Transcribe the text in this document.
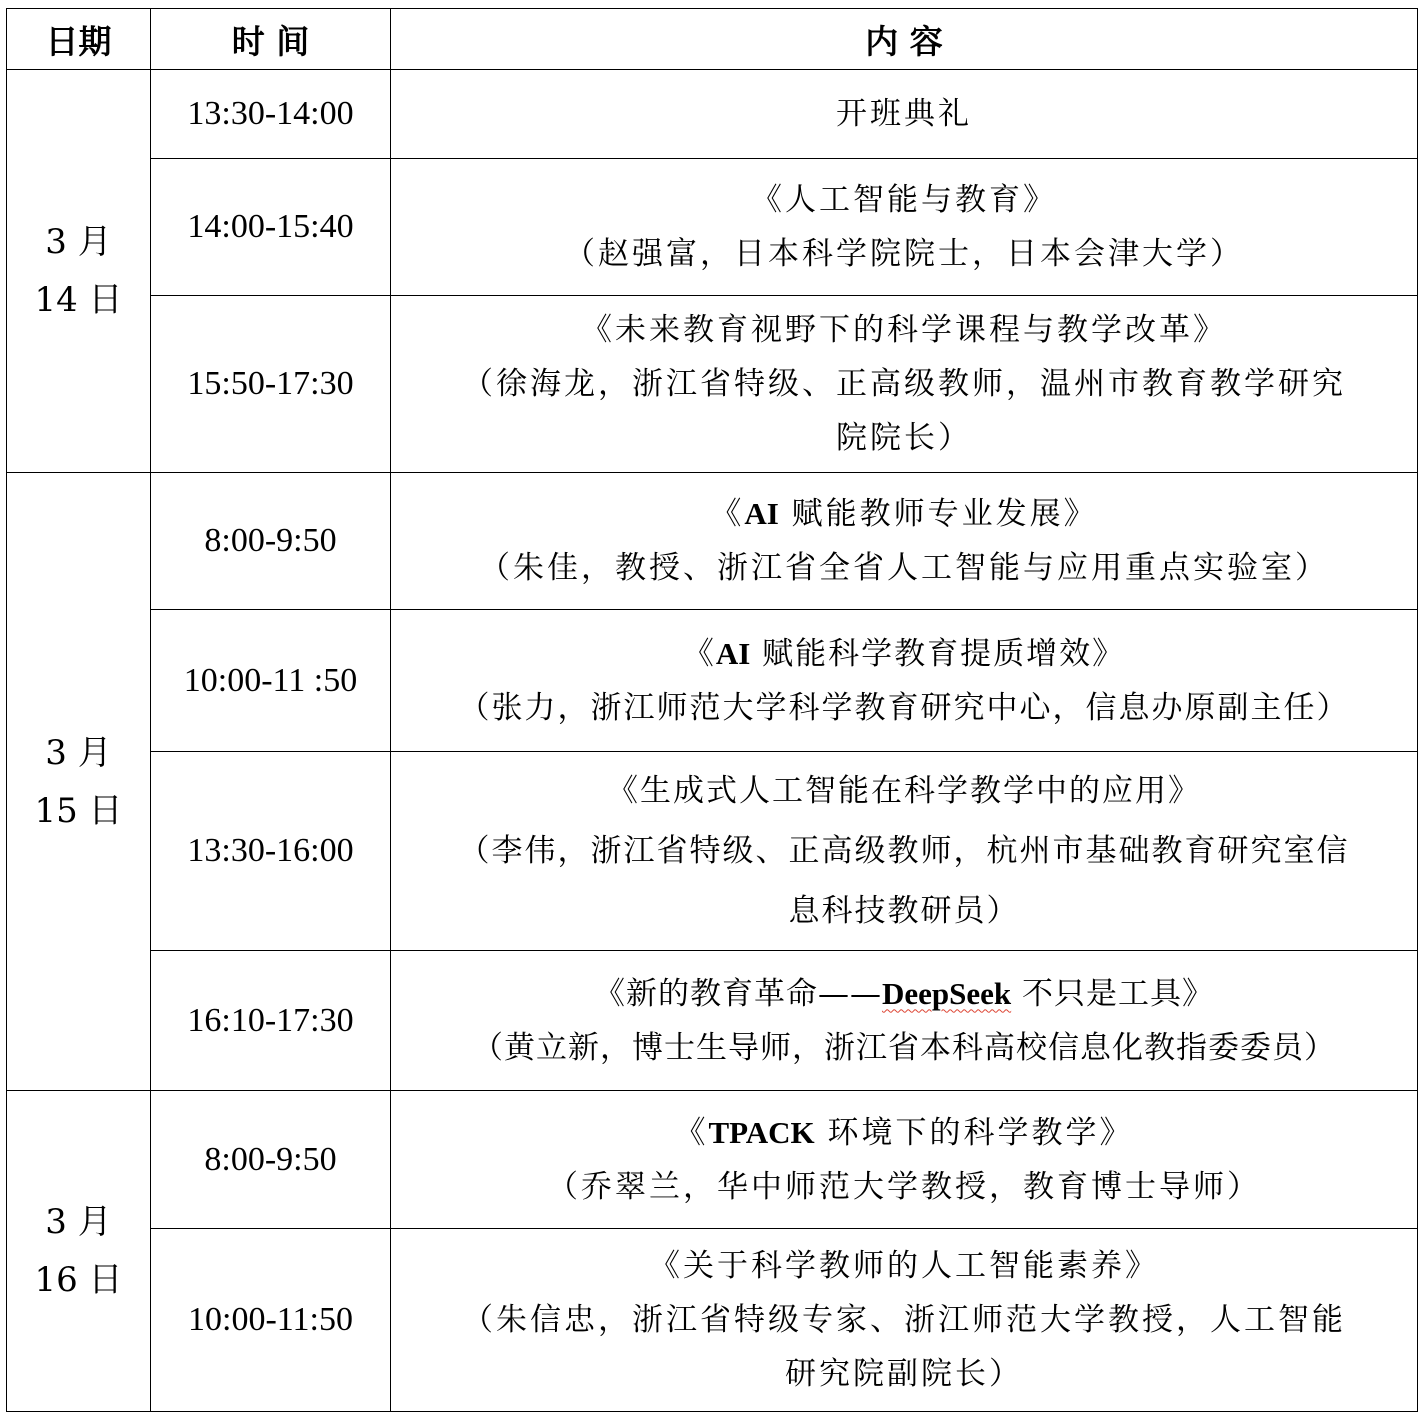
日期	时 间	内 容

3 月
14 日	13:30-14:00	开班典礼

	14:00-15:40	《人工智能与教育》
（赵强富，日本科学院院士，日本会津大学）

	15:50-17:30	《未来教育视野下的科学课程与教学改革》
（徐海龙，浙江省特级、正高级教师，温州市教育教学研究
院院长）

3 月
15 日	8:00-9:50	《AI 赋能教师专业发展》
（朱佳，教授、浙江省全省人工智能与应用重点实验室）

	10:00-11 :50	《AI 赋能科学教育提质增效》
（张力，浙江师范大学科学教育研究中心，信息办原副主任）

	13:30-16:00	《生成式人工智能在科学教学中的应用》
（李伟，浙江省特级、正高级教师，杭州市基础教育研究室信
息科技教研员）

	16:10-17:30	《新的教育革命——DeepSeek 不只是工具》
（黄立新，博士生导师，浙江省本科高校信息化教指委委员）

3 月
16 日	8:00-9:50	《TPACK 环境下的科学教学》
（乔翠兰，华中师范大学教授，教育博士导师）

	10:00-11:50	《关于科学教师的人工智能素养》
（朱信忠，浙江省特级专家、浙江师范大学教授，人工智能
研究院副院长）
